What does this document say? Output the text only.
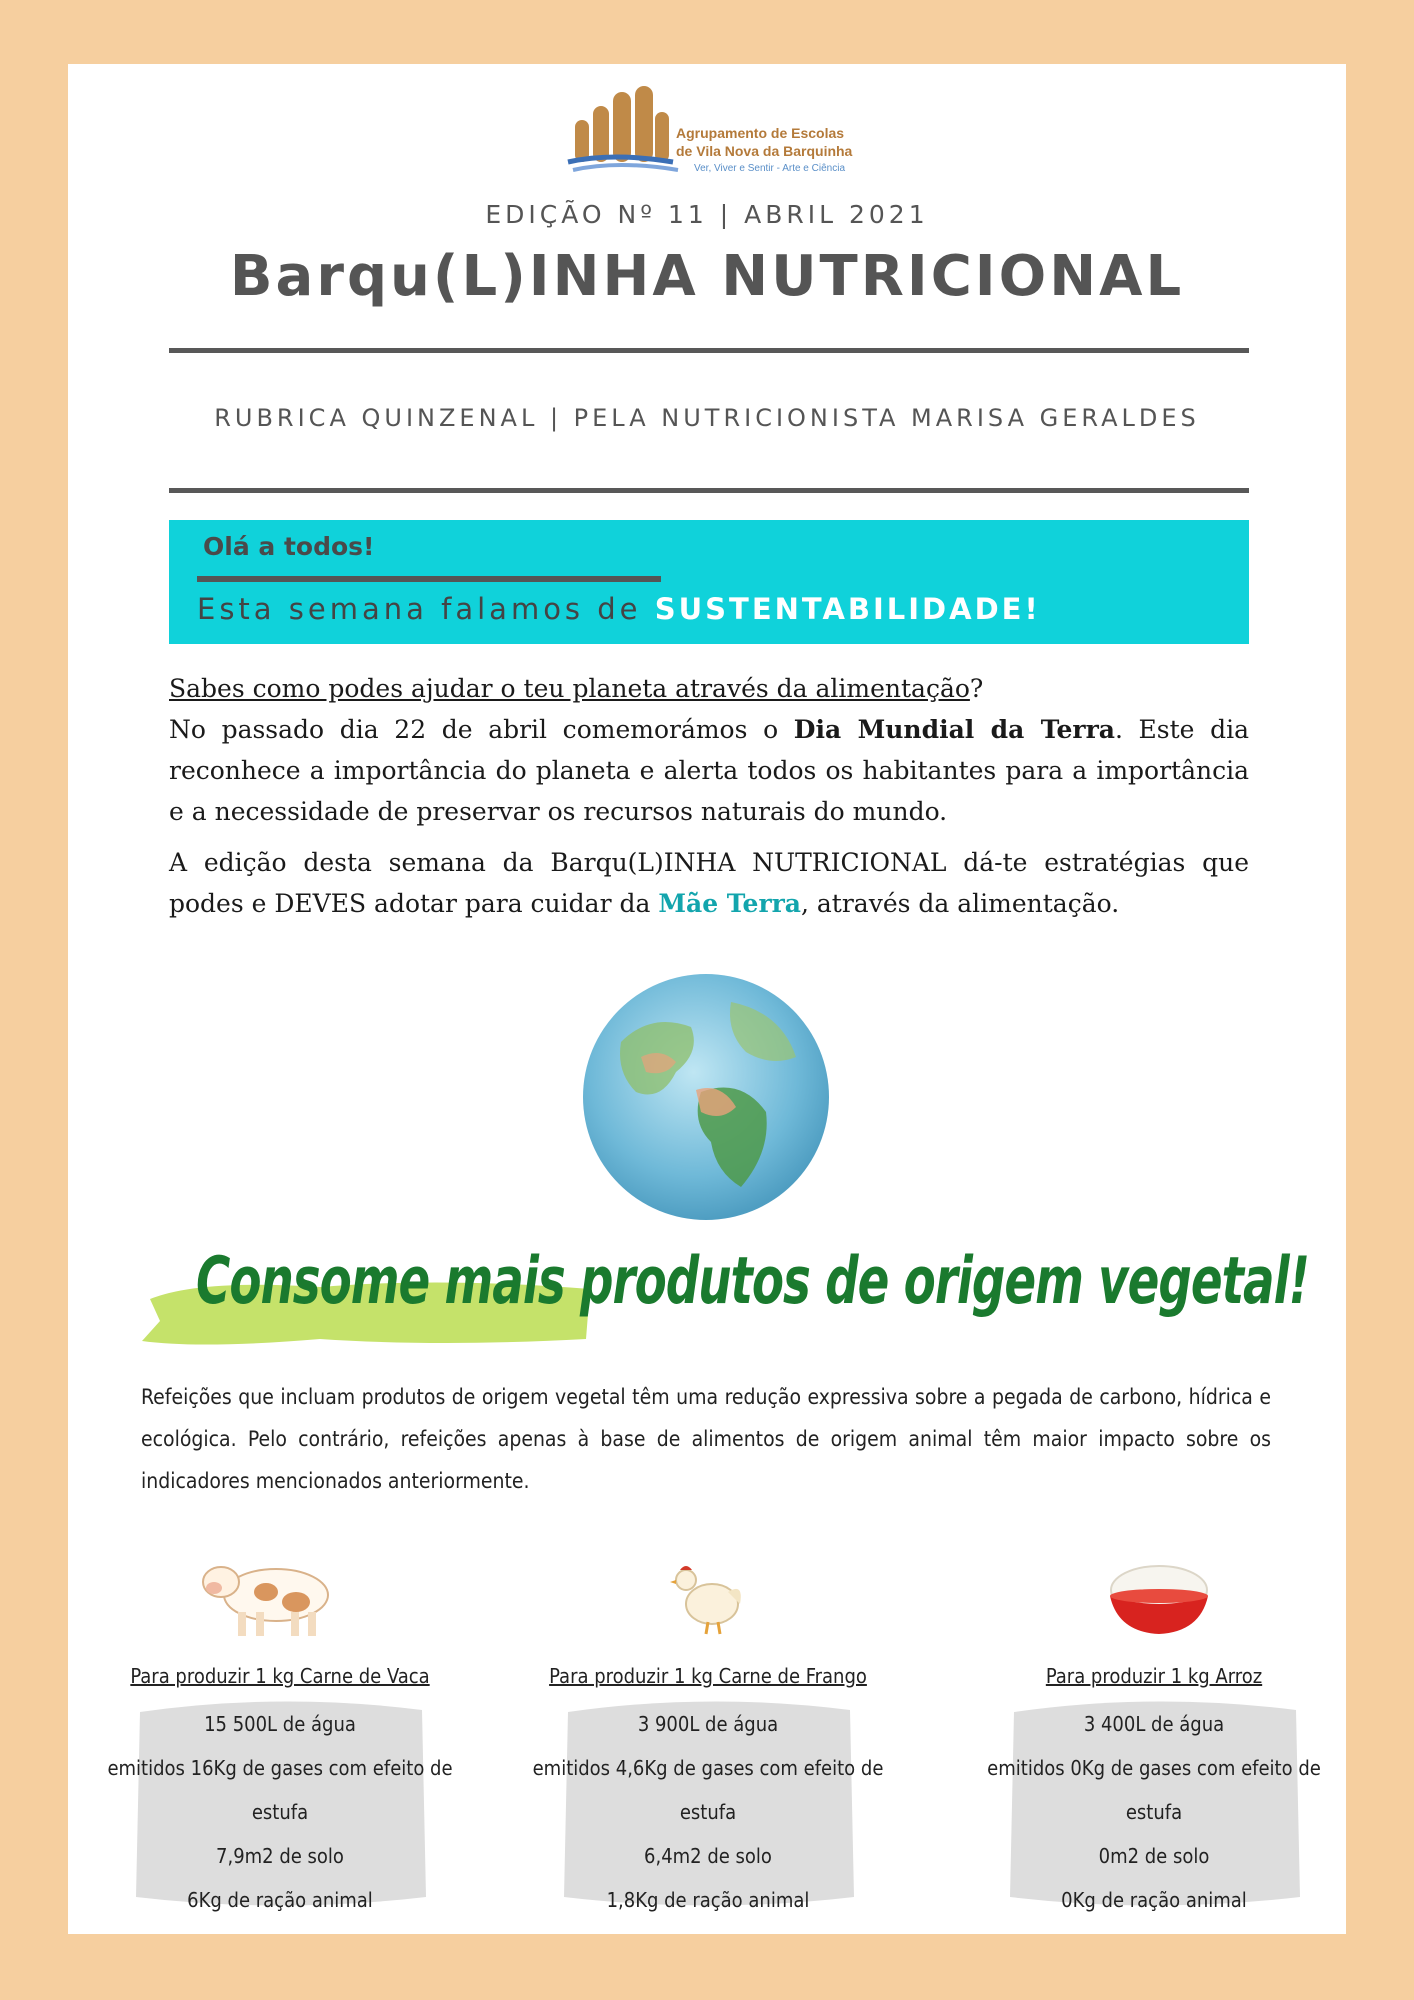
Agrupamento de Escolas
de Vila Nova da Barquinha
Ver, Viver e Sentir - Arte e Ciência
EDIÇÃO Nº 11 | ABRIL 2021
Barqu(L)INHA NUTRICIONAL
RUBRICA QUINZENAL | PELA NUTRICIONISTA MARISA GERALDES
Olá a todos!
Esta semana falamos de SUSTENTABILIDADE!

Sabes como podes ajudar o teu planeta através da alimentação?

No passado dia 22 de abril comemorámos o Dia Mundial da Terra. Este dia reconhece a importância do planeta e alerta todos os habitantes para a importância e a necessidade de preservar os recursos naturais do mundo.

A edição desta semana da Barqu(L)INHA NUTRICIONAL dá-te estratégias que podes e DEVES adotar para cuidar da Mãe Terra, através da alimentação.

Consome mais produtos de origem vegetal!
Refeições que incluam produtos de origem vegetal têm uma redução expressiva sobre a pegada de carbono, hídrica e ecológica. Pelo contrário, refeições apenas à base de alimentos de origem animal têm maior impacto sobre os indicadores mencionados anteriormente.
Para produzir 1 kg Carne de Vaca
15 500L de água
emitidos 16Kg de gases com efeito de estufa
7,9m2 de solo
6Kg de ração animal
Para produzir 1 kg Carne de Frango
3 900L de água
emitidos 4,6Kg de gases com efeito de estufa
6,4m2 de solo
1,8Kg de ração animal
Para produzir 1 kg Arroz
3 400L de água
emitidos 0Kg de gases com efeito de estufa
0m2 de solo
0Kg de ração animal
